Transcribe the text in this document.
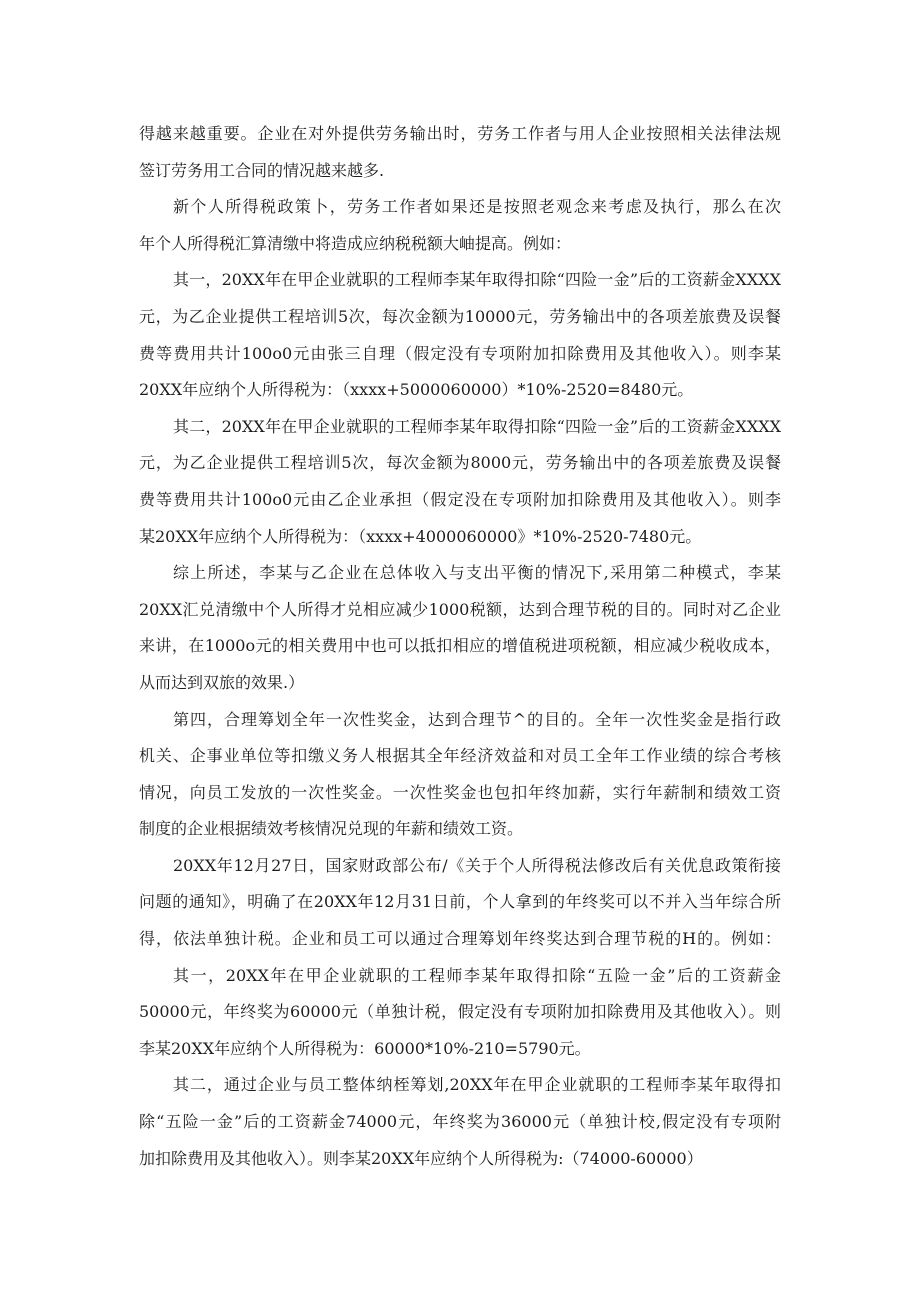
得越来越重要。企业在对外提供劳务输出时，劳务工作者与用人企业按照相关法律法规
签订劳务用工合同的情况越来越多.
新个人所得税政策卜，劳务工作者如果还是按照老观念来考虑及执行，那么在次
年个人所得税汇算清缴中将造成应纳税税额大岫提高。例如：
其一，20XX年在甲企业就职的工程师李某年取得扣除“四险一金”后的工资薪金XXXX
元，为乙企业提供工程培训5次，每次金额为10000元，劳务输出中的各项差旅费及误餐
费等费用共计100o0元由张三自理（假定没有专项附加扣除费用及其他收入）。则李某
20XX年应纳个人所得税为：（xxxx+5000060000）*10%-2520=8480元。
其二，20XX年在甲企业就职的工程师李某年取得扣除“四险一金”后的工资薪金XXXX
元，为乙企业提供工程培训5次，每次金额为8000元，劳务输出中的各项差旅费及误餐
费等费用共计100o0元由乙企业承担（假定没在专项附加扣除费用及其他收入）。则李
某20XX年应纳个人所得税为：（xxxx+4000060000》*10%-2520-7480元。
综上所述，李某与乙企业在总体收入与支出平衡的情况下,采用第二种模式，李某
20XX汇兑清缴中个人所得才兑相应减少1000税额，达到合理节税的目的。同时对乙企业
来讲，在1000o元的相关费用中也可以抵扣相应的增值税进项税额，相应减少税收成本，
从而达到双旅的效果.）
第四，合理筹划全年一次性奖金，达到合理节^的目的。全年一次性奖金是指行政
机关、企事业单位等扣缴义务人根据其全年经济效益和对员工全年工作业绩的综合考核
情况，向员工发放的一次性奖金。一次性奖金也包扣年终加薪，实行年薪制和绩效工资
制度的企业根据绩效考核情况兑现的年薪和绩效工资。
20XX年12月27日，国家财政部公布/《关于个人所得税法修改后有关优息政策衔接
问题的通知》，明确了在20XX年12月31日前，个人拿到的年终奖可以不并入当年综合所
得，依法单独计税。企业和员工可以通过合理筹划年终奖达到合理节税的H的。例如：
其一，20XX年在甲企业就职的工程师李某年取得扣除“五险一金”后的工资薪金
50000元，年终奖为60000元（单独计税，假定没有专项附加扣除费用及其他收入）。则
李某20XX年应纳个人所得税为：60000*10%-210=5790元。
其二，通过企业与员工整体纳桎筹划,20XX年在甲企业就职的工程师李某年取得扣
除“五险一金”后的工资薪金74000元，年终奖为36000元（单独计校,假定没有专项附
加扣除费用及其他收入）。则李某20XX年应纳个人所得税为:（74000-60000）
